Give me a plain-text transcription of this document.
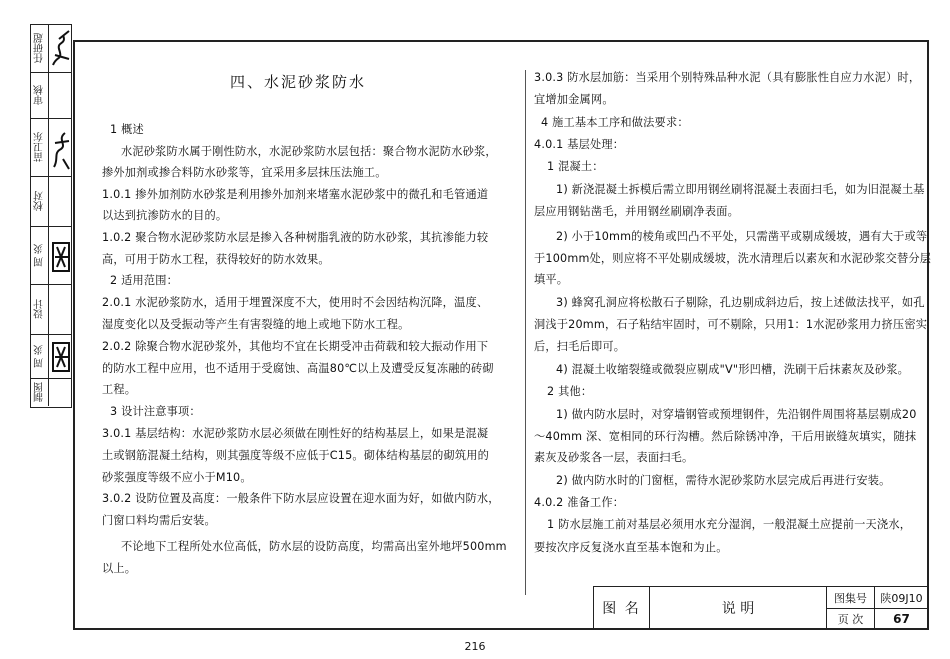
任研超
审核
苗卫东
校对
周 炎
设计
周 炎
制图
四、水泥砂浆防水
1 概述
水泥砂浆防水属于刚性防水，水泥砂浆防水层包括：聚合物水泥防水砂浆，
掺外加剂或掺合料防水砂浆等，宜采用多层抹压法施工。
1.0.1 掺外加剂防水砂浆是利用掺外加剂来堵塞水泥砂浆中的微孔和毛管通道
以达到抗渗防水的目的。
1.0.2 聚合物水泥砂浆防水层是掺入各种树脂乳液的防水砂浆，其抗渗能力较
高，可用于防水工程，获得较好的防水效果。
2 适用范围：
2.0.1 水泥砂浆防水，适用于埋置深度不大，使用时不会因结构沉降，温度、
湿度变化以及受振动等产生有害裂缝的地上或地下防水工程。
2.0.2 除聚合物水泥砂浆外，其他均不宜在长期受冲击荷载和较大振动作用下
的防水工程中应用，也不适用于受腐蚀、高温80℃以上及遭受反复冻融的砖砌
工程。
3 设计注意事项：
3.0.1 基层结构：水泥砂浆防水层必须做在刚性好的结构基层上，如果是混凝
土或钢筋混凝土结构，则其强度等级不应低于C15。砌体结构基层的砌筑用的
砂浆强度等级不应小于M10。
3.0.2 设防位置及高度：一般条件下防水层应设置在迎水面为好，如做内防水，
门窗口料均需后安装。
不论地下工程所处水位高低，防水层的设防高度，均需高出室外地坪500mm
以上。
3.0.3 防水层加筋：当采用个别特殊品种水泥（具有膨胀性自应力水泥）时，
宜增加金属网。
4 施工基本工序和做法要求：
4.0.1 基层处理：
1 混凝土：
1) 新浇混凝土拆模后需立即用钢丝刷将混凝土表面扫毛，如为旧混凝土基
层应用钢钻凿毛，并用钢丝刷刷净表面。
2) 小于10mm的棱角或凹凸不平处，只需凿平或剔成缓坡，遇有大于或等
于100mm处，则应将不平处剔成缓坡，洗水清理后以素灰和水泥砂浆交替分层
填平。
3) 蜂窝孔洞应将松散石子剔除，孔边剔成斜边后，按上述做法找平，如孔
洞浅于20mm，石子粘结牢固时，可不剔除，只用1：1水泥砂浆用力挤压密实
后，扫毛后即可。
4) 混凝土收缩裂缝或微裂应剔成"V"形凹槽，洗刷干后抹素灰及砂浆。
2 其他：
1) 做内防水层时，对穿墙钢管或预埋钢件，先沿钢件周围将基层剔成20
～40mm 深、宽相同的环行沟槽。然后除锈冲净，干后用嵌缝灰填实，随抹
素灰及砂浆各一层，表面扫毛。
2) 做内防水时的门窗框，需待水泥砂浆防水层完成后再进行安装。
4.0.2 准备工作：
1 防水层施工前对基层必须用水充分湿润，一般混凝土应提前一天浇水，
要按次序反复浇水直至基本饱和为止。
图 名	说 明
图集号	陕09J10
页 次	67
216
